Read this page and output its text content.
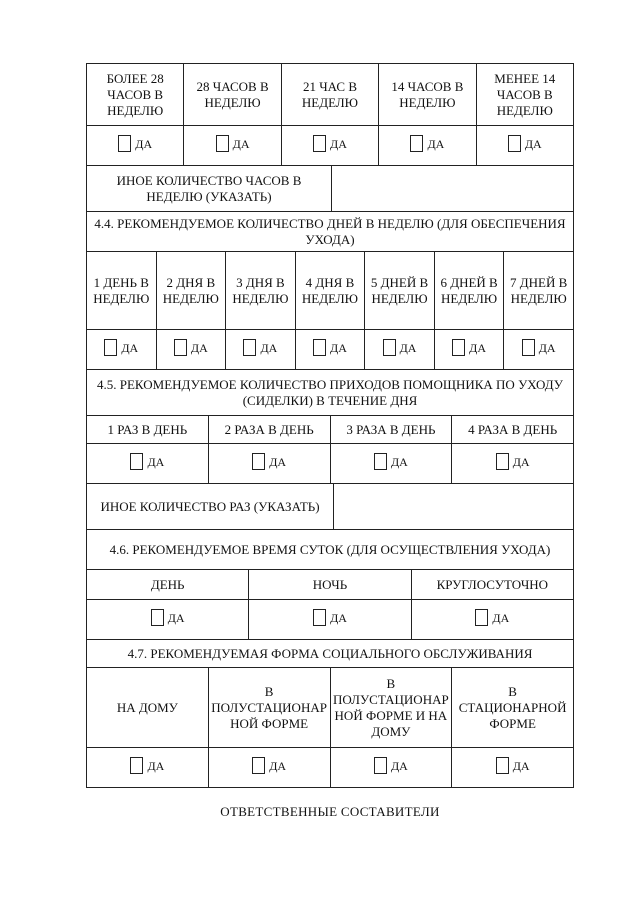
БОЛЕЕ 28 ЧАСОВ В НЕДЕЛЮ	28 ЧАСОВ В НЕДЕЛЮ	21 ЧАС В НЕДЕЛЮ	14 ЧАСОВ В НЕДЕЛЮ	МЕНЕЕ 14 ЧАСОВ В НЕДЕЛЮ

ДА	ДА	ДА	ДА	ДА
ИНОЕ КОЛИЧЕСТВО ЧАСОВ В НЕДЕЛЮ (УКАЗАТЬ)	
4.4. РЕКОМЕНДУЕМОЕ КОЛИЧЕСТВО ДНЕЙ В НЕДЕЛЮ (ДЛЯ ОБЕСПЕЧЕНИЯ УХОДА)
1 ДЕНЬ В НЕДЕЛЮ	2 ДНЯ В НЕДЕЛЮ	3 ДНЯ В НЕДЕЛЮ	4 ДНЯ В НЕДЕЛЮ	5 ДНЕЙ В НЕДЕЛЮ	6 ДНЕЙ В НЕДЕЛЮ	7 ДНЕЙ В НЕДЕЛЮ

ДА	ДА	ДА	ДА	ДА	ДА	ДА
4.5. РЕКОМЕНДУЕМОЕ КОЛИЧЕСТВО ПРИХОДОВ ПОМОЩНИКА ПО УХОДУ (СИДЕЛКИ) В ТЕЧЕНИЕ ДНЯ
1 РАЗ В ДЕНЬ	2 РАЗА В ДЕНЬ	3 РАЗА В ДЕНЬ	4 РАЗА В ДЕНЬ

ДА	ДА	ДА	ДА
ИНОЕ КОЛИЧЕСТВО РАЗ (УКАЗАТЬ)	
4.6. РЕКОМЕНДУЕМОЕ ВРЕМЯ СУТОК (ДЛЯ ОСУЩЕСТВЛЕНИЯ УХОДА)
ДЕНЬ	НОЧЬ	КРУГЛОСУТОЧНО

ДА	ДА	ДА
4.7. РЕКОМЕНДУЕМАЯ ФОРМА СОЦИАЛЬНОГО ОБСЛУЖИВАНИЯ
НА ДОМУ	В ПОЛУСТАЦИОНАРНОЙ ФОРМЕ	В ПОЛУСТАЦИОНАРНОЙ ФОРМЕ И НА ДОМУ	В СТАЦИОНАРНОЙ ФОРМЕ

ДА	ДА	ДА	ДА
ОТВЕТСТВЕННЫЕ СОСТАВИТЕЛИ
